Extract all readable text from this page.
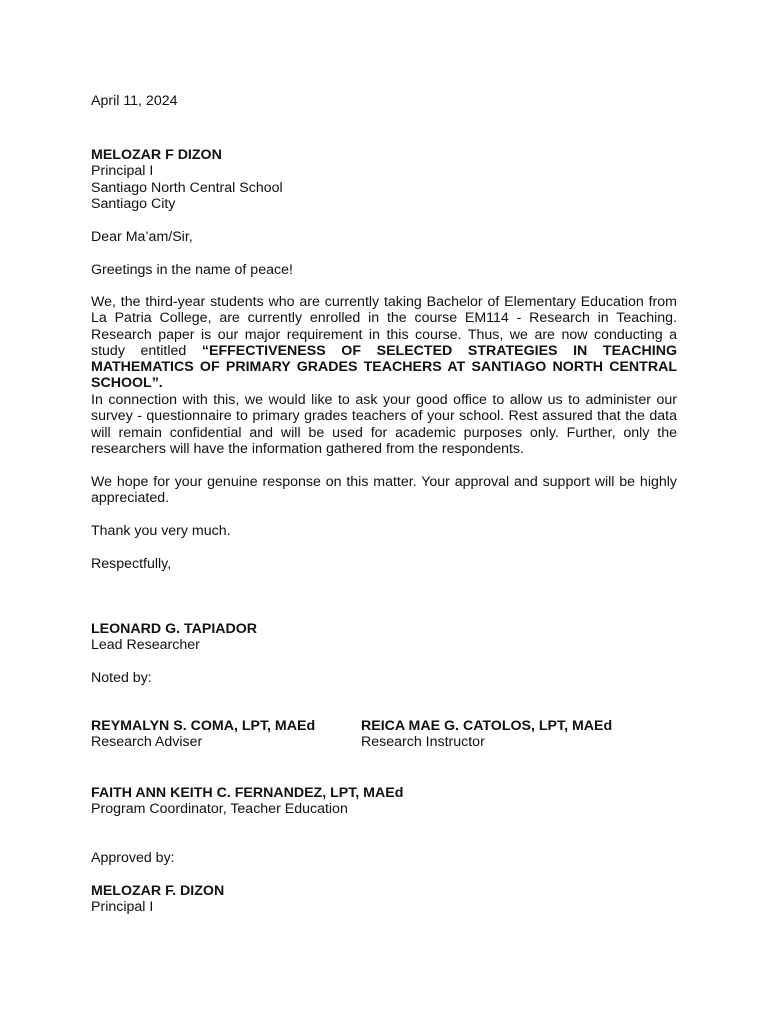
April 11, 2024
MELOZAR F DIZON
Principal I
Santiago North Central School
Santiago City
Dear Ma’am/Sir,
Greetings in the name of peace!
We, the third-year students who are currently taking Bachelor of Elementary Education from La Patria College, are currently enrolled in the course EM114 - Research in Teaching. Research paper is our major requirement in this course. Thus, we are now conducting a study entitled “EFFECTIVENESS OF SELECTED STRATEGIES IN TEACHING MATHEMATICS OF PRIMARY GRADES TEACHERS AT SANTIAGO NORTH CENTRAL SCHOOL”.
In connection with this, we would like to ask your good office to allow us to administer our survey - questionnaire to primary grades teachers of your school. Rest assured that the data will remain confidential and will be used for academic purposes only. Further, only the researchers will have the information gathered from the respondents.
We hope for your genuine response on this matter. Your approval and support will be highly appreciated.
Thank you very much.
Respectfully,
LEONARD G. TAPIADOR
Lead Researcher
Noted by:
REYMALYN S. COMA, LPT, MAEd
Research Adviser
REICA MAE G. CATOLOS, LPT, MAEd
Research Instructor
FAITH ANN KEITH C. FERNANDEZ, LPT, MAEd
Program Coordinator, Teacher Education
Approved by:
MELOZAR F. DIZON
Principal I
